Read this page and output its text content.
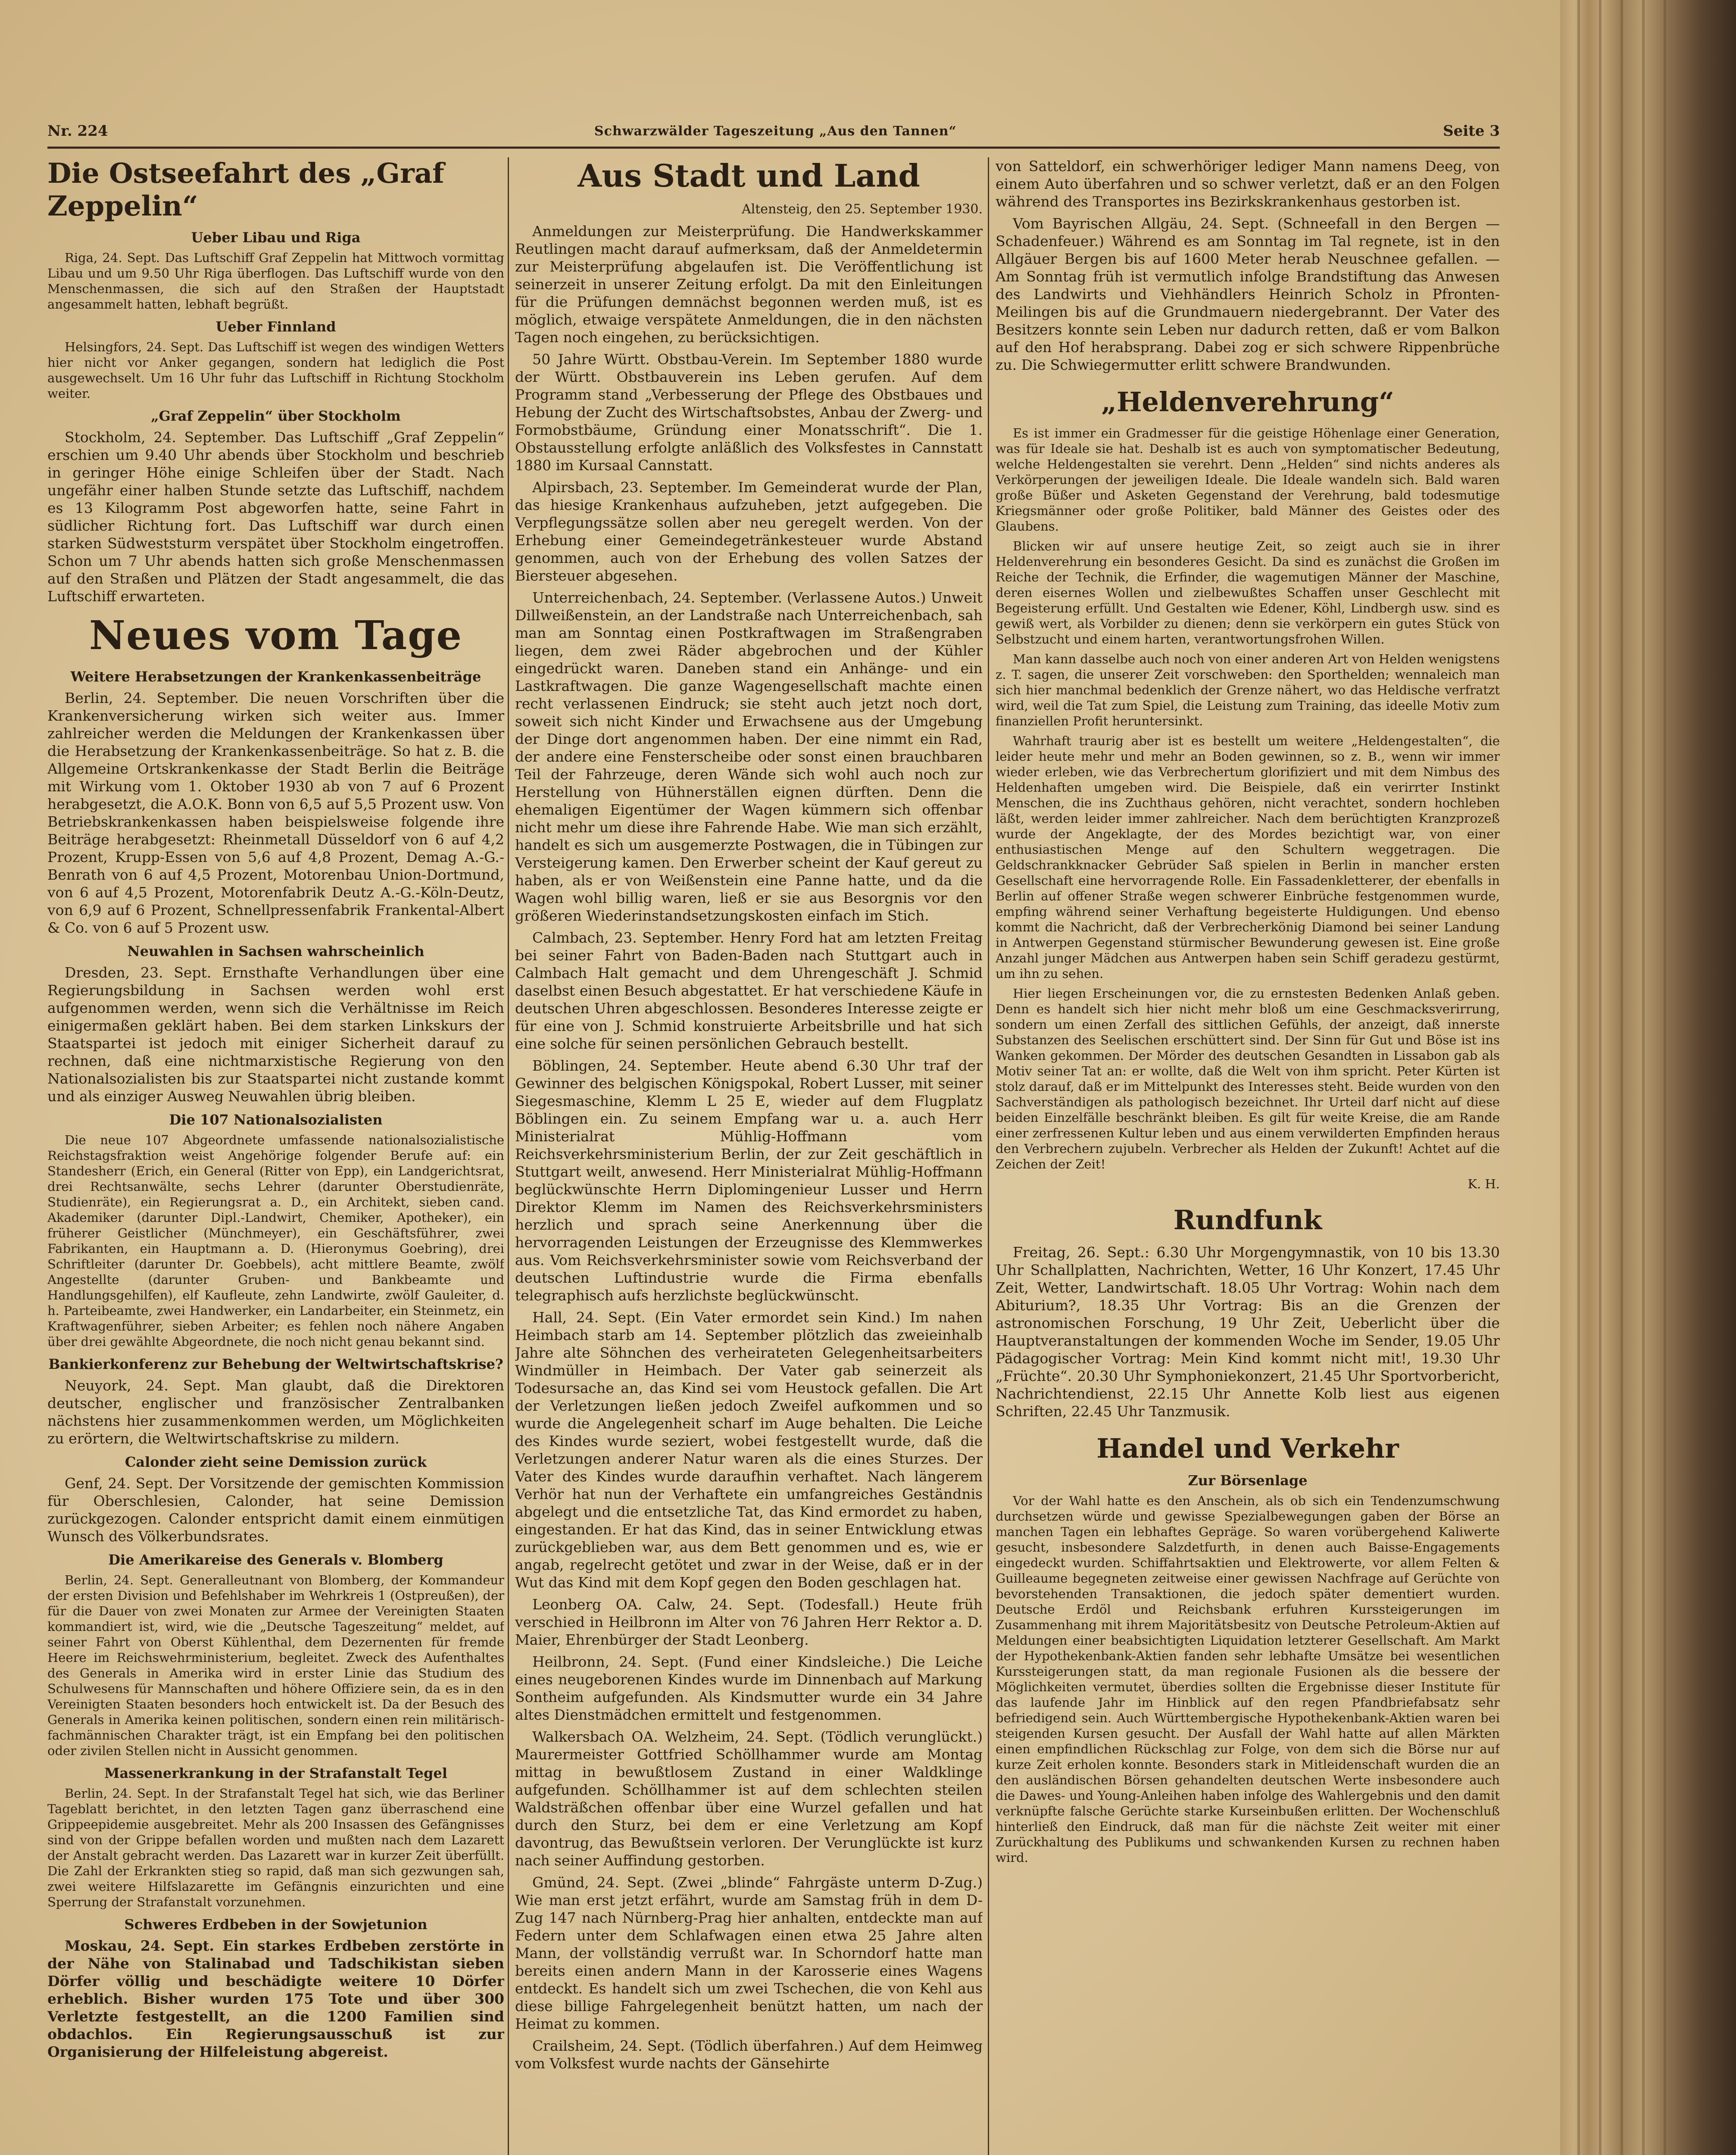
Nr. 224	Schwarzwälder Tageszeitung „Aus den Tannen“	Seite 3
Die Ostseefahrt des „Graf Zeppelin“
Ueber Libau und Riga

Riga, 24. Sept. Das Luftschiff Graf Zeppelin hat Mittwoch vormittag Libau und um 9.50 Uhr Riga überflogen. Das Luftschiff wurde von den Menschenmassen, die sich auf den Straßen der Hauptstadt angesammelt hatten, lebhaft begrüßt.

Ueber Finnland

Helsingfors, 24. Sept. Das Luftschiff ist wegen des windigen Wetters hier nicht vor Anker gegangen, sondern hat lediglich die Post ausgewechselt. Um 16 Uhr fuhr das Luftschiff in Richtung Stockholm weiter.

„Graf Zeppelin“ über Stockholm

Stockholm, 24. September. Das Luftschiff „Graf Zeppelin“ erschien um 9.40 Uhr abends über Stockholm und beschrieb in geringer Höhe einige Schleifen über der Stadt. Nach ungefähr einer halben Stunde setzte das Luftschiff, nachdem es 13 Kilogramm Post abgeworfen hatte, seine Fahrt in südlicher Richtung fort. Das Luftschiff war durch einen starken Südweststurm verspätet über Stockholm eingetroffen. Schon um 7 Uhr abends hatten sich große Menschenmassen auf den Straßen und Plätzen der Stadt angesammelt, die das Luftschiff erwarteten.

Neues vom Tage
Weitere Herabsetzungen der Krankenkassenbeiträge

Berlin, 24. September. Die neuen Vorschriften über die Krankenversicherung wirken sich weiter aus. Immer zahlreicher werden die Meldungen der Krankenkassen über die Herabsetzung der Krankenkassenbeiträge. So hat z. B. die Allgemeine Ortskrankenkasse der Stadt Berlin die Beiträge mit Wirkung vom 1. Oktober 1930 ab von 7 auf 6 Prozent herabgesetzt, die A.O.K. Bonn von 6,5 auf 5,5 Prozent usw. Von Betriebskrankenkassen haben beispielsweise folgende ihre Beiträge herabgesetzt: Rheinmetall Düsseldorf von 6 auf 4,2 Prozent, Krupp-Essen von 5,6 auf 4,8 Prozent, Demag A.-G.-Benrath von 6 auf 4,5 Prozent, Motorenbau Union-Dortmund, von 6 auf 4,5 Prozent, Motorenfabrik Deutz A.-G.-Köln-Deutz, von 6,9 auf 6 Prozent, Schnellpressenfabrik Frankental-Albert & Co. von 6 auf 5 Prozent usw.

Neuwahlen in Sachsen wahrscheinlich

Dresden, 23. Sept. Ernsthafte Verhandlungen über eine Regierungsbildung in Sachsen werden wohl erst aufgenommen werden, wenn sich die Verhältnisse im Reich einigermaßen geklärt haben. Bei dem starken Linkskurs der Staatspartei ist jedoch mit einiger Sicherheit darauf zu rechnen, daß eine nichtmarxistische Regierung von den Nationalsozialisten bis zur Staatspartei nicht zustande kommt und als einziger Ausweg Neuwahlen übrig bleiben.

Die 107 Nationalsozialisten

Die neue 107 Abgeordnete umfassende nationalsozialistische Reichstagsfraktion weist Angehörige folgender Berufe auf: ein Standesherr (Erich, ein General (Ritter von Epp), ein Landgerichtsrat, drei Rechtsanwälte, sechs Lehrer (darunter Oberstudienräte, Studienräte), ein Regierungsrat a. D., ein Architekt, sieben cand. Akademiker (darunter Dipl.-Landwirt, Chemiker, Apotheker), ein früherer Geistlicher (Münchmeyer), ein Geschäftsführer, zwei Fabrikanten, ein Hauptmann a. D. (Hieronymus Goebring), drei Schriftleiter (darunter Dr. Goebbels), acht mittlere Beamte, zwölf Angestellte (darunter Gruben- und Bankbeamte und Handlungsgehilfen), elf Kaufleute, zehn Landwirte, zwölf Gauleiter, d. h. Parteibeamte, zwei Handwerker, ein Landarbeiter, ein Steinmetz, ein Kraftwagenführer, sieben Arbeiter; es fehlen noch nähere Angaben über drei gewählte Abgeordnete, die noch nicht genau bekannt sind.

Bankierkonferenz zur Behebung der Weltwirtschaftskrise?

Neuyork, 24. Sept. Man glaubt, daß die Direktoren deutscher, englischer und französischer Zentralbanken nächstens hier zusammenkommen werden, um Möglichkeiten zu erörtern, die Weltwirtschaftskrise zu mildern.

Calonder zieht seine Demission zurück

Genf, 24. Sept. Der Vorsitzende der gemischten Kommission für Oberschlesien, Calonder, hat seine Demission zurückgezogen. Calonder entspricht damit einem einmütigen Wunsch des Völkerbundsrates.

Die Amerikareise des Generals v. Blomberg

Berlin, 24. Sept. Generalleutnant von Blomberg, der Kommandeur der ersten Division und Befehlshaber im Wehrkreis 1 (Ostpreußen), der für die Dauer von zwei Monaten zur Armee der Vereinigten Staaten kommandiert ist, wird, wie die „Deutsche Tageszeitung“ meldet, auf seiner Fahrt von Oberst Kühlenthal, dem Dezernenten für fremde Heere im Reichswehrministerium, begleitet. Zweck des Aufenthaltes des Generals in Amerika wird in erster Linie das Studium des Schulwesens für Mannschaften und höhere Offiziere sein, da es in den Vereinigten Staaten besonders hoch entwickelt ist. Da der Besuch des Generals in Amerika keinen politischen, sondern einen rein militärisch-fachmännischen Charakter trägt, ist ein Empfang bei den politischen oder zivilen Stellen nicht in Aussicht genommen.

Massenerkrankung in der Strafanstalt Tegel

Berlin, 24. Sept. In der Strafanstalt Tegel hat sich, wie das Berliner Tageblatt berichtet, in den letzten Tagen ganz überraschend eine Grippeepidemie ausgebreitet. Mehr als 200 Insassen des Gefängnisses sind von der Grippe befallen worden und mußten nach dem Lazarett der Anstalt gebracht werden. Das Lazarett war in kurzer Zeit überfüllt. Die Zahl der Erkrankten stieg so rapid, daß man sich gezwungen sah, zwei weitere Hilfslazarette im Gefängnis einzurichten und eine Sperrung der Strafanstalt vorzunehmen.

Schweres Erdbeben in der Sowjetunion

Moskau, 24. Sept. Ein starkes Erdbeben zerstörte in der Nähe von Stalinabad und Tadschikistan sieben Dörfer völlig und beschädigte weitere 10 Dörfer erheblich. Bisher wurden 175 Tote und über 300 Verletzte festgestellt, an die 1200 Familien sind obdachlos. Ein Regierungsausschuß ist zur Organisierung der Hilfeleistung abgereist.

Aus Stadt und Land
Altensteig, den 25. September 1930.

Anmeldungen zur Meisterprüfung. Die Handwerkskammer Reutlingen macht darauf aufmerksam, daß der Anmeldetermin zur Meisterprüfung abgelaufen ist. Die Veröffentlichung ist seinerzeit in unserer Zeitung erfolgt. Da mit den Einleitungen für die Prüfungen demnächst begonnen werden muß, ist es möglich, etwaige verspätete Anmeldungen, die in den nächsten Tagen noch eingehen, zu berücksichtigen.

50 Jahre Württ. Obstbau-Verein. Im September 1880 wurde der Württ. Obstbauverein ins Leben gerufen. Auf dem Programm stand „Verbesserung der Pflege des Obstbaues und Hebung der Zucht des Wirtschaftsobstes, Anbau der Zwerg- und Formobstbäume, Gründung einer Monatsschrift“. Die 1. Obstausstellung erfolgte anläßlich des Volksfestes in Cannstatt 1880 im Kursaal Cannstatt.

Alpirsbach, 23. September. Im Gemeinderat wurde der Plan, das hiesige Krankenhaus aufzuheben, jetzt aufgegeben. Die Verpflegungssätze sollen aber neu geregelt werden. Von der Erhebung einer Gemeindegetränkesteuer wurde Abstand genommen, auch von der Erhebung des vollen Satzes der Biersteuer abgesehen.

Unterreichenbach, 24. September. (Verlassene Autos.) Unweit Dillweißenstein, an der Landstraße nach Unterreichenbach, sah man am Sonntag einen Postkraftwagen im Straßengraben liegen, dem zwei Räder abgebrochen und der Kühler eingedrückt waren. Daneben stand ein Anhänge- und ein Lastkraftwagen. Die ganze Wagengesellschaft machte einen recht verlassenen Eindruck; sie steht auch jetzt noch dort, soweit sich nicht Kinder und Erwachsene aus der Umgebung der Dinge dort angenommen haben. Der eine nimmt ein Rad, der andere eine Fensterscheibe oder sonst einen brauchbaren Teil der Fahrzeuge, deren Wände sich wohl auch noch zur Herstellung von Hühnerställen eignen dürften. Denn die ehemaligen Eigentümer der Wagen kümmern sich offenbar nicht mehr um diese ihre Fahrende Habe. Wie man sich erzählt, handelt es sich um ausgemerzte Postwagen, die in Tübingen zur Versteigerung kamen. Den Erwerber scheint der Kauf gereut zu haben, als er von Weißenstein eine Panne hatte, und da die Wagen wohl billig waren, ließ er sie aus Besorgnis vor den größeren Wiederinstandsetzungskosten einfach im Stich.

Calmbach, 23. September. Henry Ford hat am letzten Freitag bei seiner Fahrt von Baden-Baden nach Stuttgart auch in Calmbach Halt gemacht und dem Uhrengeschäft J. Schmid daselbst einen Besuch abgestattet. Er hat verschiedene Käufe in deutschen Uhren abgeschlossen. Besonderes Interesse zeigte er für eine von J. Schmid konstruierte Arbeitsbrille und hat sich eine solche für seinen persönlichen Gebrauch bestellt.

Böblingen, 24. September. Heute abend 6.30 Uhr traf der Gewinner des belgischen Königspokal, Robert Lusser, mit seiner Siegesmaschine, Klemm L 25 E, wieder auf dem Flugplatz Böblingen ein. Zu seinem Empfang war u. a. auch Herr Ministerialrat Mühlig-Hoffmann vom Reichsverkehrsministerium Berlin, der zur Zeit geschäftlich in Stuttgart weilt, anwesend. Herr Ministerialrat Mühlig-Hoffmann beglückwünschte Herrn Diplomingenieur Lusser und Herrn Direktor Klemm im Namen des Reichsverkehrsministers herzlich und sprach seine Anerkennung über die hervorragenden Leistungen der Erzeugnisse des Klemmwerkes aus. Vom Reichsverkehrsminister sowie vom Reichsverband der deutschen Luftindustrie wurde die Firma ebenfalls telegraphisch aufs herzlichste beglückwünscht.

Hall, 24. Sept. (Ein Vater ermordet sein Kind.) Im nahen Heimbach starb am 14. September plötzlich das zweieinhalb Jahre alte Söhnchen des verheirateten Gelegenheitsarbeiters Windmüller in Heimbach. Der Vater gab seinerzeit als Todesursache an, das Kind sei vom Heustock gefallen. Die Art der Verletzungen ließen jedoch Zweifel aufkommen und so wurde die Angelegenheit scharf im Auge behalten. Die Leiche des Kindes wurde seziert, wobei festgestellt wurde, daß die Verletzungen anderer Natur waren als die eines Sturzes. Der Vater des Kindes wurde daraufhin verhaftet. Nach längerem Verhör hat nun der Verhaftete ein umfangreiches Geständnis abgelegt und die entsetzliche Tat, das Kind ermordet zu haben, eingestanden. Er hat das Kind, das in seiner Entwicklung etwas zurückgeblieben war, aus dem Bett genommen und es, wie er angab, regelrecht getötet und zwar in der Weise, daß er in der Wut das Kind mit dem Kopf gegen den Boden geschlagen hat.

Leonberg OA. Calw, 24. Sept. (Todesfall.) Heute früh verschied in Heilbronn im Alter von 76 Jahren Herr Rektor a. D. Maier, Ehrenbürger der Stadt Leonberg.

Heilbronn, 24. Sept. (Fund einer Kindsleiche.) Die Leiche eines neugeborenen Kindes wurde im Dinnenbach auf Markung Sontheim aufgefunden. Als Kindsmutter wurde ein 34 Jahre altes Dienstmädchen ermittelt und festgenommen.

Walkersbach OA. Welzheim, 24. Sept. (Tödlich verunglückt.) Maurermeister Gottfried Schöllhammer wurde am Montag mittag in bewußtlosem Zustand in einer Waldklinge aufgefunden. Schöllhammer ist auf dem schlechten steilen Waldsträßchen offenbar über eine Wurzel gefallen und hat durch den Sturz, bei dem er eine Verletzung am Kopf davontrug, das Bewußtsein verloren. Der Verunglückte ist kurz nach seiner Auffindung gestorben.

Gmünd, 24. Sept. (Zwei „blinde“ Fahrgäste unterm D-Zug.) Wie man erst jetzt erfährt, wurde am Samstag früh in dem D-Zug 147 nach Nürnberg-Prag hier anhalten, entdeckte man auf Federn unter dem Schlafwagen einen etwa 25 Jahre alten Mann, der vollständig verrußt war. In Schorndorf hatte man bereits einen andern Mann in der Karosserie eines Wagens entdeckt. Es handelt sich um zwei Tschechen, die von Kehl aus diese billige Fahrgelegenheit benützt hatten, um nach der Heimat zu kommen.

Crailsheim, 24. Sept. (Tödlich überfahren.) Auf dem Heimweg vom Volksfest wurde nachts der Gänsehirte

von Satteldorf, ein schwerhöriger lediger Mann namens Deeg, von einem Auto überfahren und so schwer verletzt, daß er an den Folgen während des Transportes ins Bezirkskrankenhaus gestorben ist.

Vom Bayrischen Allgäu, 24. Sept. (Schneefall in den Bergen — Schadenfeuer.) Während es am Sonntag im Tal regnete, ist in den Allgäuer Bergen bis auf 1600 Meter herab Neuschnee gefallen. — Am Sonntag früh ist vermutlich infolge Brandstiftung das Anwesen des Landwirts und Viehhändlers Heinrich Scholz in Pfronten-Meilingen bis auf die Grundmauern niedergebrannt. Der Vater des Besitzers konnte sein Leben nur dadurch retten, daß er vom Balkon auf den Hof herabsprang. Dabei zog er sich schwere Rippenbrüche zu. Die Schwiegermutter erlitt schwere Brandwunden.

„Heldenverehrung“

Es ist immer ein Gradmesser für die geistige Höhenlage einer Generation, was für Ideale sie hat. Deshalb ist es auch von symptomatischer Bedeutung, welche Heldengestalten sie verehrt. Denn „Helden“ sind nichts anderes als Verkörperungen der jeweiligen Ideale. Die Ideale wandeln sich. Bald waren große Büßer und Asketen Gegenstand der Verehrung, bald todesmutige Kriegsmänner oder große Politiker, bald Männer des Geistes oder des Glaubens.

Blicken wir auf unsere heutige Zeit, so zeigt auch sie in ihrer Heldenverehrung ein besonderes Gesicht. Da sind es zunächst die Großen im Reiche der Technik, die Erfinder, die wagemutigen Männer der Maschine, deren eisernes Wollen und zielbewußtes Schaffen unser Geschlecht mit Begeisterung erfüllt. Und Gestalten wie Edener, Köhl, Lindbergh usw. sind es gewiß wert, als Vorbilder zu dienen; denn sie verkörpern ein gutes Stück von Selbstzucht und einem harten, verantwortungsfrohen Willen.

Man kann dasselbe auch noch von einer anderen Art von Helden wenigstens z. T. sagen, die unserer Zeit vorschweben: den Sporthelden; wennaleich man sich hier manchmal bedenklich der Grenze nähert, wo das Heldische verfratzt wird, weil die Tat zum Spiel, die Leistung zum Training, das ideelle Motiv zum finanziellen Profit heruntersinkt.

Wahrhaft traurig aber ist es bestellt um weitere „Heldengestalten“, die leider heute mehr und mehr an Boden gewinnen, so z. B., wenn wir immer wieder erleben, wie das Verbrechertum glorifiziert und mit dem Nimbus des Heldenhaften umgeben wird. Die Beispiele, daß ein verirrter Instinkt Menschen, die ins Zuchthaus gehören, nicht verachtet, sondern hochleben läßt, werden leider immer zahlreicher. Nach dem berüchtigten Kranzprozeß wurde der Angeklagte, der des Mordes bezichtigt war, von einer enthusiastischen Menge auf den Schultern weggetragen. Die Geldschrankknacker Gebrüder Saß spielen in Berlin in mancher ersten Gesellschaft eine hervorragende Rolle. Ein Fassadenkletterer, der ebenfalls in Berlin auf offener Straße wegen schwerer Einbrüche festgenommen wurde, empfing während seiner Verhaftung begeisterte Huldigungen. Und ebenso kommt die Nachricht, daß der Verbrecherkönig Diamond bei seiner Landung in Antwerpen Gegenstand stürmischer Bewunderung gewesen ist. Eine große Anzahl junger Mädchen aus Antwerpen haben sein Schiff geradezu gestürmt, um ihn zu sehen.

Hier liegen Erscheinungen vor, die zu ernstesten Bedenken Anlaß geben. Denn es handelt sich hier nicht mehr bloß um eine Geschmacksverirrung, sondern um einen Zerfall des sittlichen Gefühls, der anzeigt, daß innerste Substanzen des Seelischen erschüttert sind. Der Sinn für Gut und Böse ist ins Wanken gekommen. Der Mörder des deutschen Gesandten in Lissabon gab als Motiv seiner Tat an: er wollte, daß die Welt von ihm spricht. Peter Kürten ist stolz darauf, daß er im Mittelpunkt des Interesses steht. Beide wurden von den Sachverständigen als pathologisch bezeichnet. Ihr Urteil darf nicht auf diese beiden Einzelfälle beschränkt bleiben. Es gilt für weite Kreise, die am Rande einer zerfressenen Kultur leben und aus einem verwilderten Empfinden heraus den Verbrechern zujubeln. Verbrecher als Helden der Zukunft! Achtet auf die Zeichen der Zeit!

K. H.
Rundfunk

Freitag, 26. Sept.: 6.30 Uhr Morgengymnastik, von 10 bis 13.30 Uhr Schallplatten, Nachrichten, Wetter, 16 Uhr Konzert, 17.45 Uhr Zeit, Wetter, Landwirtschaft. 18.05 Uhr Vortrag: Wohin nach dem Abiturium?, 18.35 Uhr Vortrag: Bis an die Grenzen der astronomischen Forschung, 19 Uhr Zeit, Ueberlicht über die Hauptveranstaltungen der kommenden Woche im Sender, 19.05 Uhr Pädagogischer Vortrag: Mein Kind kommt nicht mit!, 19.30 Uhr „Früchte“. 20.30 Uhr Symphoniekonzert, 21.45 Uhr Sportvorbericht, Nachrichtendienst, 22.15 Uhr Annette Kolb liest aus eigenen Schriften, 22.45 Uhr Tanzmusik.

Handel und Verkehr
Zur Börsenlage

Vor der Wahl hatte es den Anschein, als ob sich ein Tendenzumschwung durchsetzen würde und gewisse Spezialbewegungen gaben der Börse an manchen Tagen ein lebhaftes Gepräge. So waren vorübergehend Kaliwerte gesucht, insbesondere Salzdetfurth, in denen auch Baisse-Engagements eingedeckt wurden. Schiffahrtsaktien und Elektrowerte, vor allem Felten & Guilleaume begegneten zeitweise einer gewissen Nachfrage auf Gerüchte von bevorstehenden Transaktionen, die jedoch später dementiert wurden. Deutsche Erdöl und Reichsbank erfuhren Kurssteigerungen im Zusammenhang mit ihrem Majoritätsbesitz von Deutsche Petroleum-Aktien auf Meldungen einer beabsichtigten Liquidation letzterer Gesellschaft. Am Markt der Hypothekenbank-Aktien fanden sehr lebhafte Umsätze bei wesentlichen Kurssteigerungen statt, da man regionale Fusionen als die bessere der Möglichkeiten vermutet, überdies sollten die Ergebnisse dieser Institute für das laufende Jahr im Hinblick auf den regen Pfandbriefabsatz sehr befriedigend sein. Auch Württembergische Hypothekenbank-Aktien waren bei steigenden Kursen gesucht. Der Ausfall der Wahl hatte auf allen Märkten einen empfindlichen Rückschlag zur Folge, von dem sich die Börse nur auf kurze Zeit erholen konnte. Besonders stark in Mitleidenschaft wurden die an den ausländischen Börsen gehandelten deutschen Werte insbesondere auch die Dawes- und Young-Anleihen haben infolge des Wahlergebnis und den damit verknüpfte falsche Gerüchte starke Kurseinbußen erlitten. Der Wochenschluß hinterließ den Eindruck, daß man für die nächste Zeit weiter mit einer Zurückhaltung des Publikums und schwankenden Kursen zu rechnen haben wird.
